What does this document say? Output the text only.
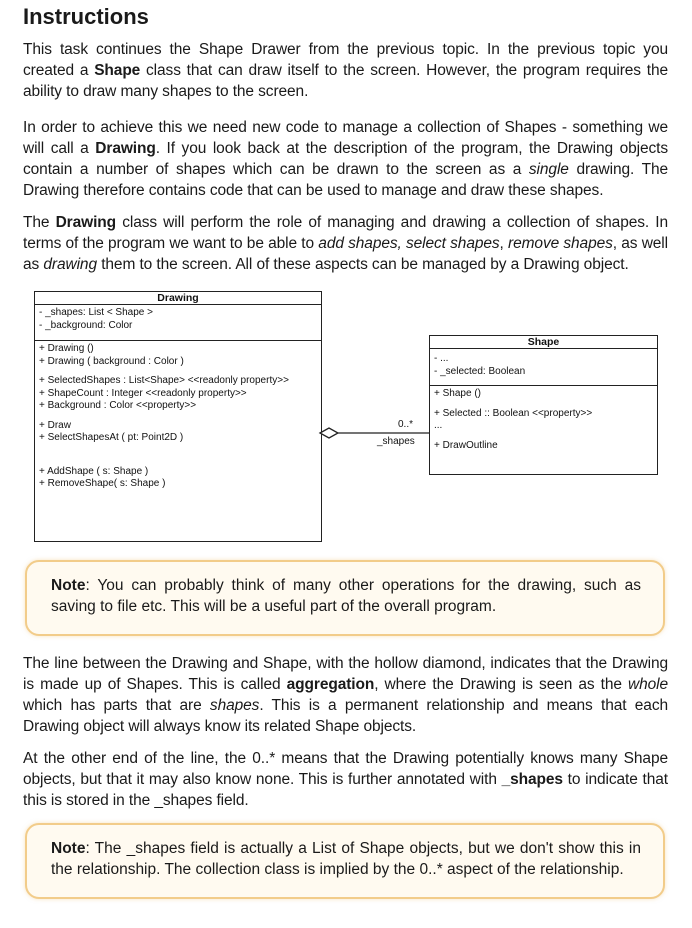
Instructions

This task continues the Shape Drawer from the previous topic. In the previous topic you created a Shape class that can draw itself to the screen. However, the program requires the ability to draw many shapes to the screen.

In order to achieve this we need new code to manage a collection of Shapes - something we will call a Drawing. If you look back at the description of the program, the Drawing objects contain a number of shapes which can be drawn to the screen as a single drawing. The Drawing therefore contains code that can be used to manage and draw these shapes.

The Drawing class will perform the role of managing and drawing a collection of shapes. In terms of the program we want to be able to add shapes, select shapes, remove shapes, as well as drawing them to the screen. All of these aspects can be managed by a Drawing object.

Drawing
- _shapes: List < Shape >
- _background: Color
+ Drawing ()
+ Drawing ( background : Color )
+ SelectedShapes : List<Shape> <<readonly property>>
+ ShapeCount : Integer <<readonly property>>
+ Background : Color <<property>>
+ Draw
+ SelectShapesAt ( pt: Point2D )
+ AddShape ( s: Shape )
+ RemoveShape( s: Shape )
Shape
- ...
- _selected: Boolean
+ Shape ()
+ Selected :: Boolean <<property>>
...
+ DrawOutline
0..*
_shapes

Note: You can probably think of many other operations for the drawing, such as saving to file etc. This will be a useful part of the overall program.

The line between the Drawing and Shape, with the hollow diamond, indicates that the Drawing is made up of Shapes. This is called aggregation, where the Drawing is seen as the whole which has parts that are shapes. This is a permanent relationship and means that each Drawing object will always know its related Shape objects.

At the other end of the line, the 0..* means that the Drawing potentially knows many Shape objects, but that it may also know none. This is further annotated with _shapes to indicate that this is stored in the _shapes field.

Note: The _shapes field is actually a List of Shape objects, but we don't show this in the relationship. The collection class is implied by the 0..* aspect of the relationship.
